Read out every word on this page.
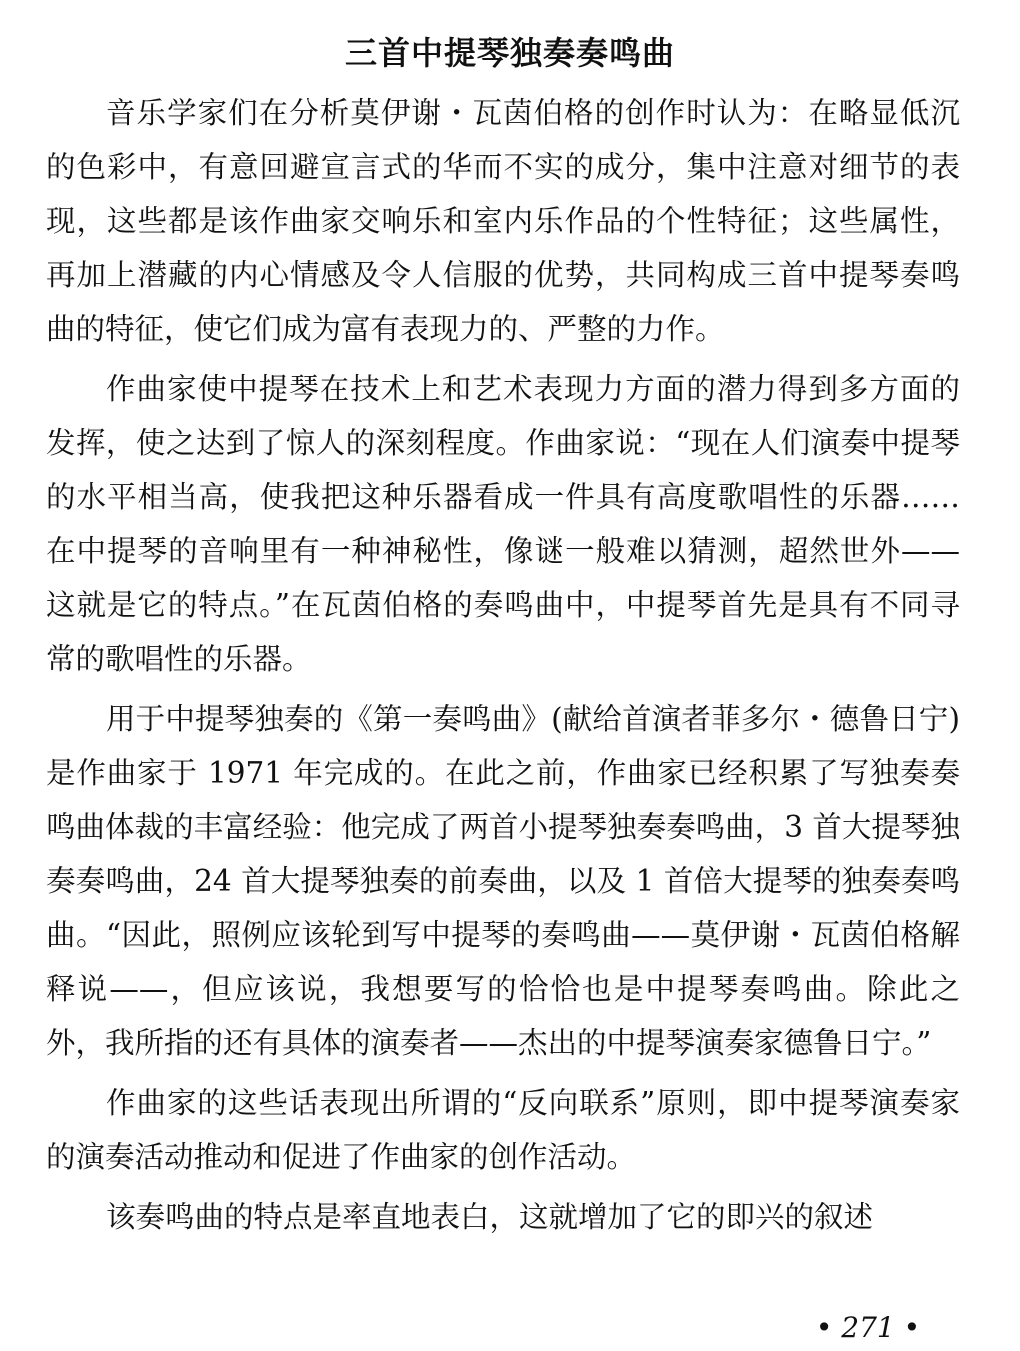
三首中提琴独奏奏鸣曲

音乐学家们在分析莫伊谢・瓦茵伯格的创作时认为：在略显低沉的色彩中，有意回避宣言式的华而不实的成分，集中注意对细节的表现，这些都是该作曲家交响乐和室内乐作品的个性特征；这些属性，再加上潜藏的内心情感及令人信服的优势，共同构成三首中提琴奏鸣曲的特征，使它们成为富有表现力的、严整的力作。

作曲家使中提琴在技术上和艺术表现力方面的潜力得到多方面的发挥，使之达到了惊人的深刻程度。作曲家说：“现在人们演奏中提琴的水平相当高，使我把这种乐器看成一件具有高度歌唱性的乐器……在中提琴的音响里有一种神秘性，像谜一般难以猜测，超然世外——这就是它的特点。”在瓦茵伯格的奏鸣曲中，中提琴首先是具有不同寻常的歌唱性的乐器。

用于中提琴独奏的《第一奏鸣曲》(献给首演者菲多尔・德鲁日宁)是作曲家于 1971 年完成的。在此之前，作曲家已经积累了写独奏奏鸣曲体裁的丰富经验：他完成了两首小提琴独奏奏鸣曲，3 首大提琴独奏奏鸣曲，24 首大提琴独奏的前奏曲，以及 1 首倍大提琴的独奏奏鸣曲。“因此，照例应该轮到写中提琴的奏鸣曲——莫伊谢・瓦茵伯格解释说——，但应该说，我想要写的恰恰也是中提琴奏鸣曲。除此之外，我所指的还有具体的演奏者——杰出的中提琴演奏家德鲁日宁。”

作曲家的这些话表现出所谓的“反向联系”原则，即中提琴演奏家的演奏活动推动和促进了作曲家的创作活动。

该奏鸣曲的特点是率直地表白，这就增加了它的即兴的叙述

• 271 •
